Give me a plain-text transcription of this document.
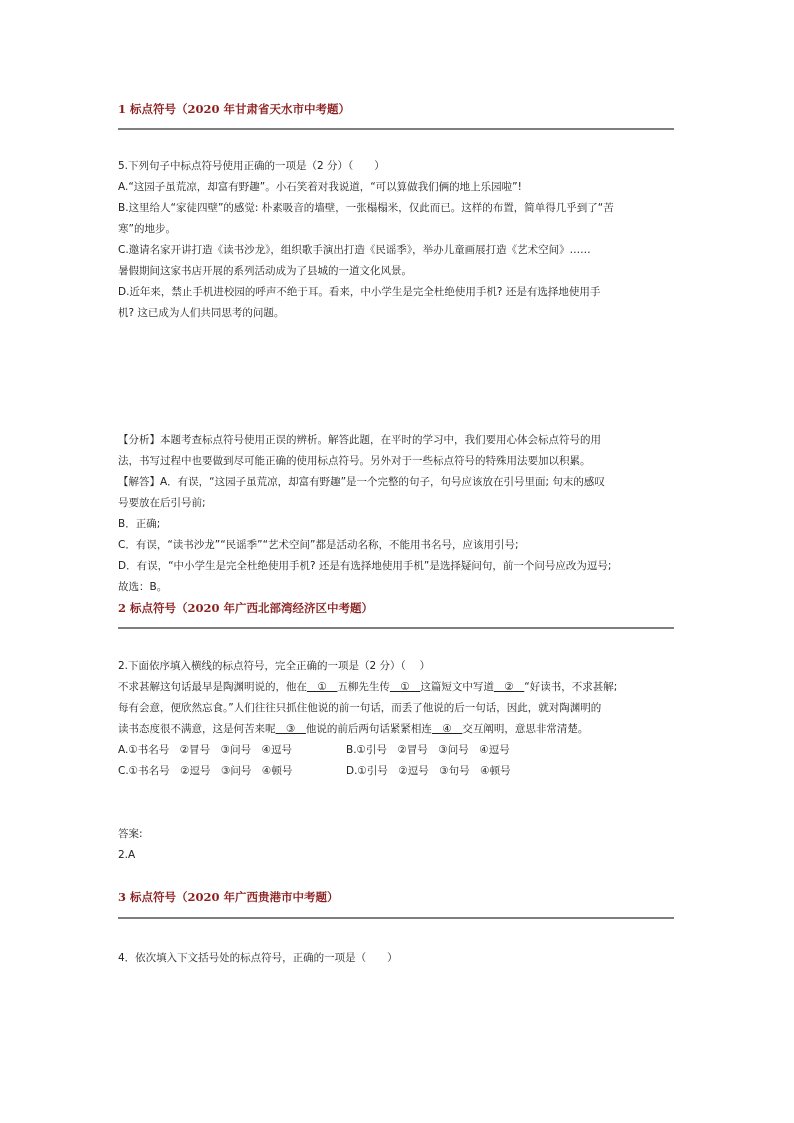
1 标点符号（2020 年甘肃省天水市中考题）
5.下列句子中标点符号使用正确的一项是（2 分）（　　）
A.“这园子虽荒凉，却富有野趣”。小石笑着对我说道，“可以算做我们俩的地上乐园啦”!
B.这里给人“家徒四壁”的感觉: 朴素吸音的墙壁，一张榻榻米，仅此而已。这样的布置，简单得几乎到了“苦
寒”的地步。
C.邀请名家开讲打造《读书沙龙》，组织歌手演出打造《民谣季》，举办儿童画展打造《艺术空间》……
暑假期间这家书店开展的系列活动成为了县城的一道文化风景。
D.近年来，禁止手机进校园的呼声不绝于耳。看来，中小学生是完全杜绝使用手机? 还是有选择地使用手
机? 这已成为人们共同思考的问题。
【分析】本题考查标点符号使用正误的辨析。解答此题，在平时的学习中，我们要用心体会标点符号的用
法，书写过程中也要做到尽可能正确的使用标点符号。另外对于一些标点符号的特殊用法要加以积累。
【解答】A．有误，“这园子虽荒凉，却富有野趣”是一个完整的句子，句号应该放在引号里面; 句末的感叹
号要放在后引号前;
B．正确;
C．有误，“读书沙龙”“民谣季”“艺术空间”都是活动名称，不能用书名号，应该用引号;
D．有误，“中小学生是完全杜绝使用手机? 还是有选择地使用手机”是选择疑问句，前一个问号应改为逗号;
故选：B。
2 标点符号（2020 年广西北部湾经济区中考题）
2.下面依序填入横线的标点符号，完全正确的一项是（2 分）（　 ）
不求甚解这句话最早是陶渊明说的，他在　①　五柳先生传　①　这篇短文中写道　②　“好读书，不求甚解;
每有会意，便欣然忘食。”人们往往只抓住他说的前一句话，而丢了他说的后一句话，因此，就对陶渊明的
读书态度很不满意，这是何苦来呢　③　他说的前后两句话紧紧相连　④　交互阐明，意思非常清楚。
A.①书名号　②冒号　③问号　④逗号	B.①引号　②冒号　③问号　④逗号
C.①书名号　②逗号　③问号　④顿号	D.①引号　②逗号　③句号　④顿号
答案:
2.A
3 标点符号（2020 年广西贵港市中考题）
4．依次填入下文括号处的标点符号，正确的一项是（　　）
